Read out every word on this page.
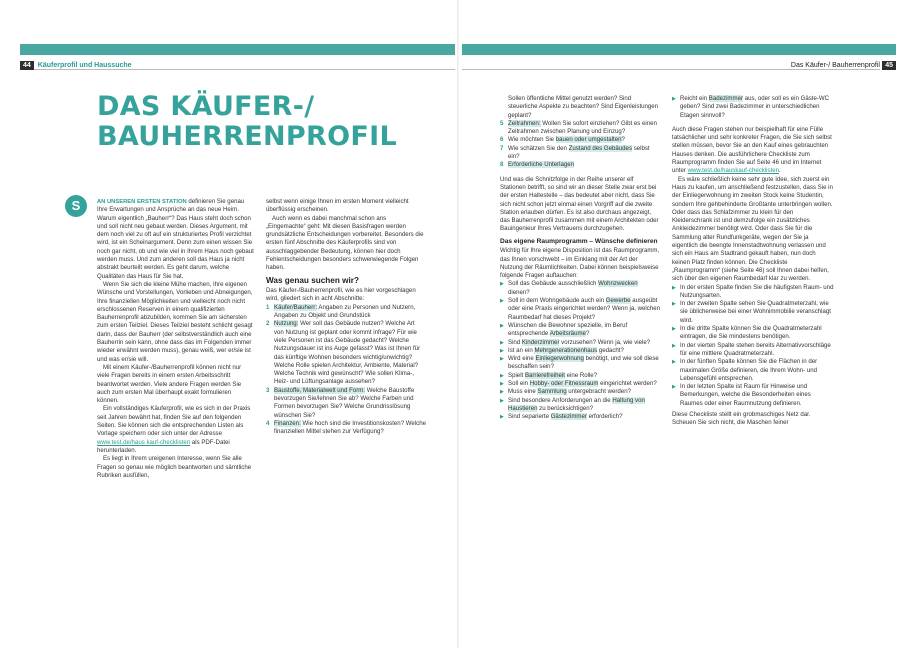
44 Käuferprofil und Haussuche	Das Käufer-/ Bauherrenprofil 45
DAS KÄUFER-/
BAUHERRENPROFIL
S	AN UNSEREN ERSTEN STATION definieren Sie genau Ihre Erwartungen und Ansprüche an das neue Heim. Warum eigentlich „Bauherr“? Das Haus steht doch schon und soll nicht neu gebaut werden. Dieses Argument, mit dem noch viel zu oft auf ein strukturiertes Profil verzichtet wird, ist ein Scheinargument. Denn zum einen wissen Sie noch gar nicht, ob und wie viel in Ihrem Haus noch gebaut werden muss. Und zum anderen soll das Haus ja nicht abstrakt beurteilt werden. Es geht darum, welche Qualitäten das Haus für Sie hat.

Wenn Sie sich die kleine Mühe machen, Ihre eigenen Wünsche und Vorstellungen, Vorlieben und Abneigungen, Ihre finanziellen Möglichkeiten und vielleicht noch nicht erschlossenen Reserven in einem qualifizierten Bauherrenprofil abzubilden, kommen Sie am sichersten zum ersten Teilziel. Dieses Teilziel besteht schlicht gesagt darin, dass der Bauherr (der selbstverständlich auch eine Bauherrin sein kann, ohne dass das im Folgenden immer wieder erwähnt werden muss), genau weiß, wer er/sie ist und was er/sie will.

Mit einem Käufer-/Bauherrenprofil können nicht nur viele Fragen bereits in einem ersten Arbeitsschritt beantwortet werden. Viele andere Fragen werden Sie auch zum ersten Mal überhaupt exakt formulieren können.

Ein vollständiges Käuferprofil, wie es sich in der Praxis seit Jahren bewährt hat, finden Sie auf den folgenden Seiten. Sie können sich die entsprechenden Listen als Vorlage speichern oder sich unter der Adresse www.test.de/haus kauf-checklisten als PDF-Datei herunterladen.

Es liegt in Ihrem ureigenen Interesse, wenn Sie alle Fragen so genau wie möglich beantworten und sämtliche Rubriken ausfüllen,

selbst wenn einige Ihnen im ersten Moment vielleicht überflüssig erscheinen.

Auch wenn es dabei manchmal schon ans „Eingemachte“ geht: Mit diesen Basisfragen werden grundsätzliche Entscheidungen vorbereitet. Besonders die ersten fünf Abschnitte des Käuferprofils sind von ausschlaggebender Bedeutung, können hier doch Fehlentscheidungen besonders schwerwiegende Folgen haben.

Was genau suchen wir?

Das Käufer-/Bauherrenprofil, wie es hier vorgeschlagen wird, gliedert sich in acht Abschnitte:

1 Käufer/Bauherr: Angaben zu Personen und Nutzern, Angaben zu Objekt und Grundstück
2 Nutzung: Wer soll das Gebäude nutzen? Welche Art von Nutzung ist geplant oder kommt infrage? Für wie viele Personen ist das Gebäude gedacht? Welche Nutzungsdauer ist ins Auge gefasst? Was ist Ihnen für das künftige Wohnen besonders wichtig/unwichtig? Welche Rolle spielen Architektur, Ambiente, Material? Welche Technik wird gewünscht? Wie sollen Klima-, Heiz- und Lüftungsanlage aussehen?
3 Baustoffe, Materialwelt und Form: Welche Baustoffe bevorzugen Sie/lehnen Sie ab? Welche Farben und Formen bevorzugen Sie? Welche Grundrisslösung wünschen Sie?
4 Finanzen: Wie hoch sind die Investitionskosten? Welche finanziellen Mittel stehen zur Verfügung?
Sollen öffentliche Mittel genutzt werden? Sind steuerliche Aspekte zu beachten? Sind Eigenleistungen geplant?
5 Zeitrahmen: Wollen Sie sofort einziehen? Gibt es einen Zeitrahmen zwischen Planung und Einzug?
6 Wie möchten Sie bauen oder umgestalten?
7 Wie schätzen Sie den Zustand des Gebäudes selbst ein?
8 Erforderliche Unterlagen

Und was die Schnitzfolge in der Reihe unserer elf Stationen betrifft, so sind wir an dieser Stelle zwar erst bei der ersten Haltestelle – das bedeutet aber nicht, dass Sie sich nicht schon jetzt einmal einen Vorgriff auf die zweite Station erlauben dürfen. Es ist also durchaus angezeigt, das Bauherrenprofil zusammen mit einem Architekten oder Bauingenieur Ihres Vertrauens durchzugehen.

Das eigene Raumprogramm – Wünsche definieren

Wichtig für Ihre eigene Disposition ist das Raumprogramm, das Ihnen vorschwebt – im Einklang mit der Art der Nutzung der Räumlichkeiten. Dabei können beispielsweise folgende Fragen auftauchen:

▶ Soll das Gebäude ausschließlich Wohnzwecken dienen?
▶ Soll in dem Wohngebäude auch ein Gewerbe ausgeübt oder eine Praxis eingerichtet werden? Wenn ja, welchen Raumbedarf hat dieses Projekt?
▶ Wünschen die Bewohner spezielle, im Beruf entsprechende Arbeitsräume?
▶ Sind Kinderzimmer vorzusehen? Wenn ja, wie viele?
▶ Ist an ein Mehrgenerationenhaus gedacht?
▶ Wird eine Einliegerwohnung benötigt, und wie soll diese beschaffen sein?
▶ Spielt Barrierefreiheit eine Rolle?
▶ Soll ein Hobby- oder Fitnessraum eingerichtet werden?
▶ Muss eine Sammlung untergebracht werden?
▶ Sind besondere Anforderungen an die Haltung von Haustieren zu berücksichtigen?
▶ Sind separierte Gästezimmer erforderlich?
▶ Reicht ein Badezimmer aus, oder soll es ein Gäste-WC geben? Sind zwei Badezimmer in unterschiedlichen Etagen sinnvoll?

Auch diese Fragen stehen nur beispielhaft für eine Fülle tatsächlicher und sehr konkreter Fragen, die Sie sich selbst stellen müssen, bevor Sie an den Kauf eines gebrauchten Hauses denken. Die ausführlichere Checkliste zum Raumprogramm finden Sie auf Seite 46 und im Internet unter www.test.de/hauskauf-checklisten.

Es wäre schließlich keine sehr gute Idee, sich zuerst ein Haus zu kaufen, um anschließend festzustellen, dass Sie in der Einliegerwohnung im zweiten Stock keine Studentin, sondern Ihre gehbehinderte Großtante unterbringen wollen. Oder dass das Schlafzimmer zu klein für den Kleiderschrank ist und demzufolge ein zusätzliches Ankleidezimmer benötigt wird. Oder dass Sie für die Sammlung alter Rundfunkgeräte, wegen der Sie ja eigentlich die beengte Innenstadtwohnung verlassen und sich ein Haus am Stadtrand gekauft haben, nun doch keinen Platz finden können. Die Checkliste „Raumprogramm“ (siehe Seite 46) soll Ihnen dabei helfen, sich über den eigenen Raumbedarf klar zu werden.

▶ In der ersten Spalte finden Sie die häufigsten Raum- und Nutzungsarten.
▶ In der zweiten Spalte sehen Sie Quadratmeterzahl, wie sie üblicherweise bei einer Wohnimmobilie veranschlagt wird.
▶ In die dritte Spalte können Sie die Quadratmeterzahl eintragen, die Sie mindestens benötigen.
▶ In der vierten Spalte stehen bereits Alternativvorschläge für eine mittlere Quadratmeterzahl.
▶ In der fünften Spalte können Sie die Flächen in der maximalen Größe definieren, die Ihrem Wohn- und Lebensgefühl entsprechen.
▶ In der letzten Spalte ist Raum für Hinweise und Bemerkungen, welche die Besonderheiten eines Raumes oder einer Raumnutzung definieren.

Diese Checkliste stellt ein grobmaschiges Netz dar. Scheuen Sie sich nicht, die Maschen feiner
